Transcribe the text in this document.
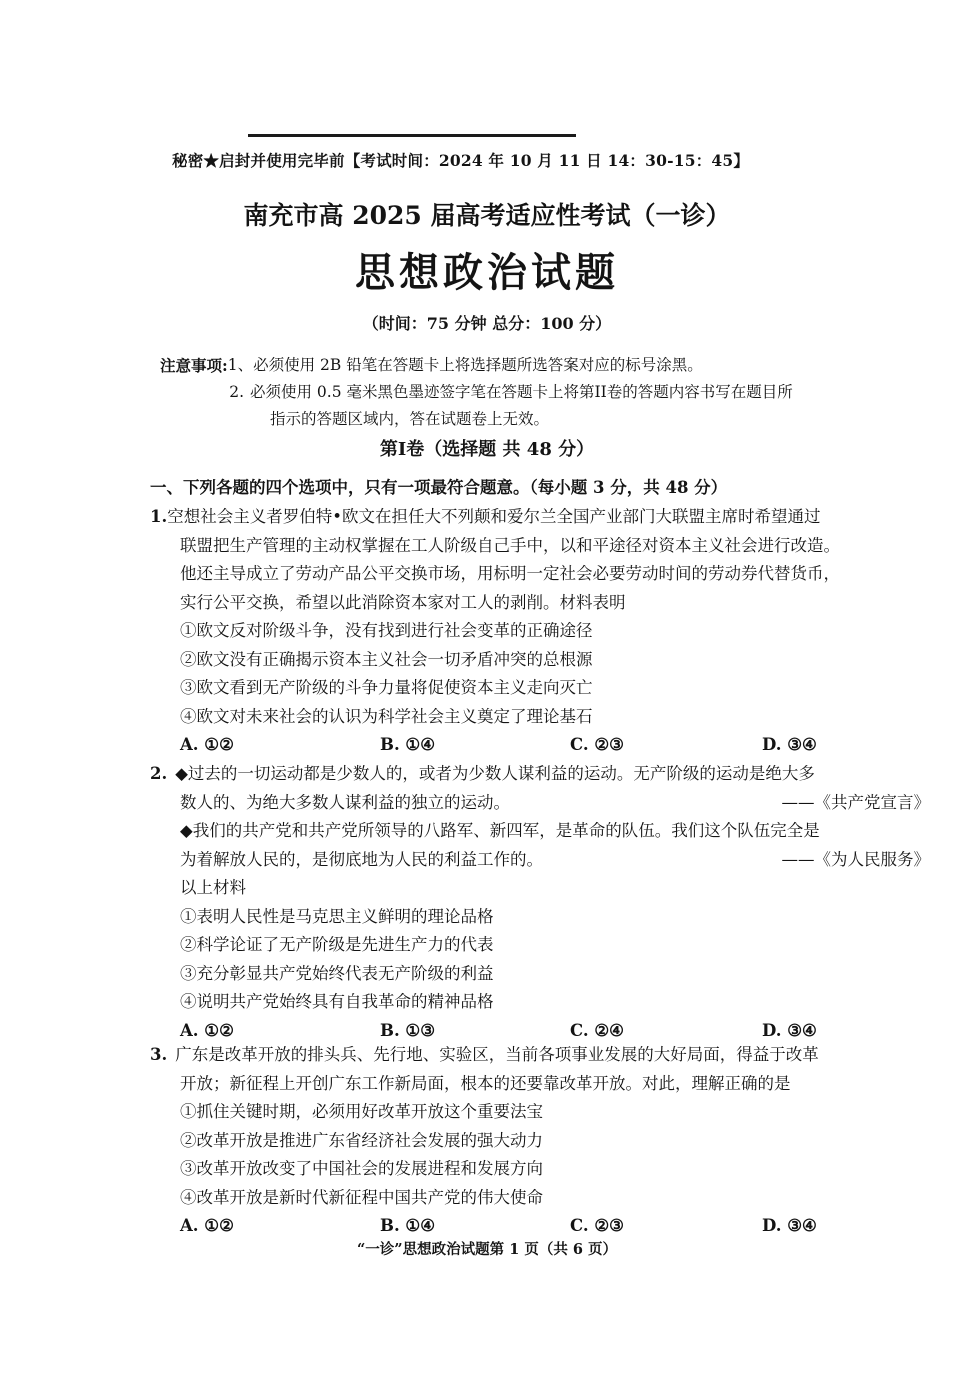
秘密★启封并使用完毕前【考试时间：2024 年 10 月 11 日 14：30-15：45】
南充市高 2025 届高考适应性考试（一诊）
思想政治试题
（时间：75 分钟 总分：100 分）
注意事项: 1、 必须使用 2B 铅笔在答题卡上将选择题所选答案对应的标号涂黑。
2. 必须使用 0.5 毫米黑色墨迹签字笔在答题卡上将第II卷的答题内容书写在题目所
指示的答题区域内，答在试题卷上无效。
第I卷（选择题 共 48 分）
一、下列各题的四个选项中，只有一项最符合题意。（每小题 3 分，共 48 分）
1.空想社会主义者罗伯特•欧文在担任大不列颠和爱尔兰全国产业部门大联盟主席时希望通过
联盟把生产管理的主动权掌握在工人阶级自己手中，以和平途径对资本主义社会进行改造。
他还主导成立了劳动产品公平交换市场，用标明一定社会必要劳动时间的劳动券代替货币，
实行公平交换，希望以此消除资本家对工人的剥削。材料表明
①欧文反对阶级斗争，没有找到进行社会变革的正确途径
②欧文没有正确揭示资本主义社会一切矛盾冲突的总根源
③欧文看到无产阶级的斗争力量将促使资本主义走向灭亡
④欧文对未来社会的认识为科学社会主义奠定了理论基石
A. ①②	B. ①④	C. ②③	D. ③④
2. ◆过去的一切运动都是少数人的，或者为少数人谋利益的运动。无产阶级的运动是绝大多
数人的、为绝大多数人谋利益的独立的运动。	——《共产党宣言》
◆我们的共产党和共产党所领导的八路军、新四军，是革命的队伍。我们这个队伍完全是
为着解放人民的，是彻底地为人民的利益工作的。	——《为人民服务》
以上材料
①表明人民性是马克思主义鲜明的理论品格
②科学论证了无产阶级是先进生产力的代表
③充分彰显共产党始终代表无产阶级的利益
④说明共产党始终具有自我革命的精神品格
A. ①②	B. ①③	C. ②④	D. ③④
3. 广东是改革开放的排头兵、先行地、实验区，当前各项事业发展的大好局面，得益于改革
开放；新征程上开创广东工作新局面，根本的还要靠改革开放。对此，理解正确的是
①抓住关键时期，必须用好改革开放这个重要法宝
②改革开放是推进广东省经济社会发展的强大动力
③改革开放改变了中国社会的发展进程和发展方向
④改革开放是新时代新征程中国共产党的伟大使命
A. ①②	B. ①④	C. ②③	D. ③④
“一诊”思想政治试题第 1 页（共 6 页）
